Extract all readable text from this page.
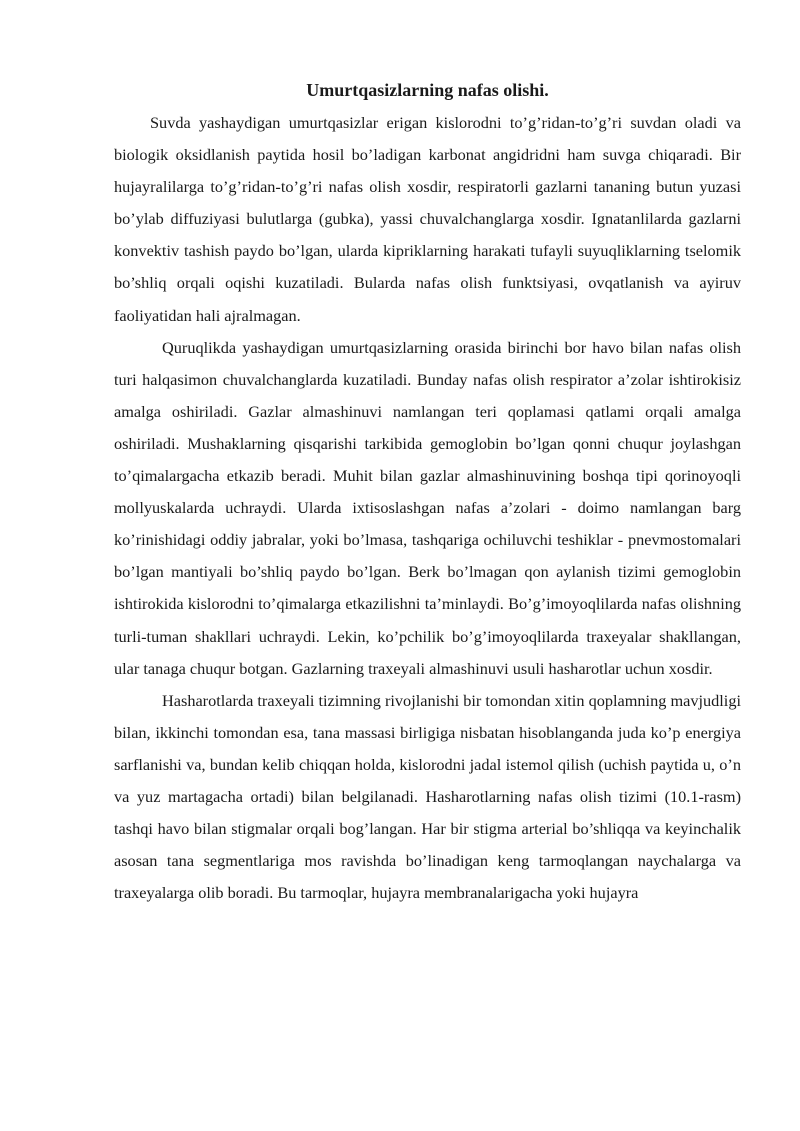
Umurtqasizlarning nafas olishi.

Suvda yashaydigan umurtqasizlar erigan kislorodni to’g’ridan-to’g’ri suvdan oladi va biologik oksidlanish paytida hosil bo’ladigan karbonat angidridni ham suvga chiqaradi. Bir hujayralilarga to’g’ridan-to’g’ri nafas olish xosdir, respiratorli gazlarni tananing butun yuzasi bo’ylab diffuziyasi bulutlarga (gubka), yassi chuvalchanglarga xosdir. Ignatanlilarda gazlarni konvektiv tashish paydo bo’lgan, ularda kipriklarning harakati tufayli suyuqliklarning tselomik bo’shliq orqali oqishi kuzatiladi. Bularda nafas olish funktsiyasi, ovqatlanish va ayiruv faoliyatidan hali ajralmagan.

Quruqlikda yashaydigan umurtqasizlarning orasida birinchi bor havo bilan nafas olish turi halqasimon chuvalchanglarda kuzatiladi. Bunday nafas olish respirator a’zolar ishtirokisiz amalga oshiriladi. Gazlar almashinuvi namlangan teri qoplamasi qatlami orqali amalga oshiriladi. Mushaklarning qisqarishi tarkibida gemoglobin bo’lgan qonni chuqur joylashgan to’qimalargacha etkazib beradi. Muhit bilan gazlar almashinuvining boshqa tipi qorinoyoqli mollyuskalarda uchraydi. Ularda ixtisoslashgan nafas a’zolari - doimo namlangan barg ko’rinishidagi oddiy jabralar, yoki bo’lmasa, tashqariga ochiluvchi teshiklar - pnevmostomalari bo’lgan mantiyali bo’shliq paydo bo’lgan. Berk bo’lmagan qon aylanish tizimi gemoglobin ishtirokida kislorodni to’qimalarga etkazilishni ta’minlaydi. Bo’g’imoyoqlilarda nafas olishning turli-tuman shakllari uchraydi. Lekin, ko’pchilik bo’g’imoyoqlilarda traxeyalar shakllangan, ular tanaga chuqur botgan. Gazlarning traxeyali almashinuvi usuli hasharotlar uchun xosdir.

Hasharotlarda traxeyali tizimning rivojlanishi bir tomondan xitin qoplamning mavjudligi bilan, ikkinchi tomondan esa, tana massasi birligiga nisbatan hisoblanganda juda ko’p energiya sarflanishi va, bundan kelib chiqqan holda, kislorodni jadal istemol qilish (uchish paytida u, o’n va yuz martagacha ortadi) bilan belgilanadi. Hasharotlarning nafas olish tizimi (10.1-rasm) tashqi havo bilan stigmalar orqali bog’langan. Har bir stigma arterial bo’shliqqa va keyinchalik asosan tana segmentlariga mos ravishda bo’linadigan keng tarmoqlangan naychalarga va traxeyalarga olib boradi. Bu tarmoqlar, hujayra membranalarigacha yoki hujayra
